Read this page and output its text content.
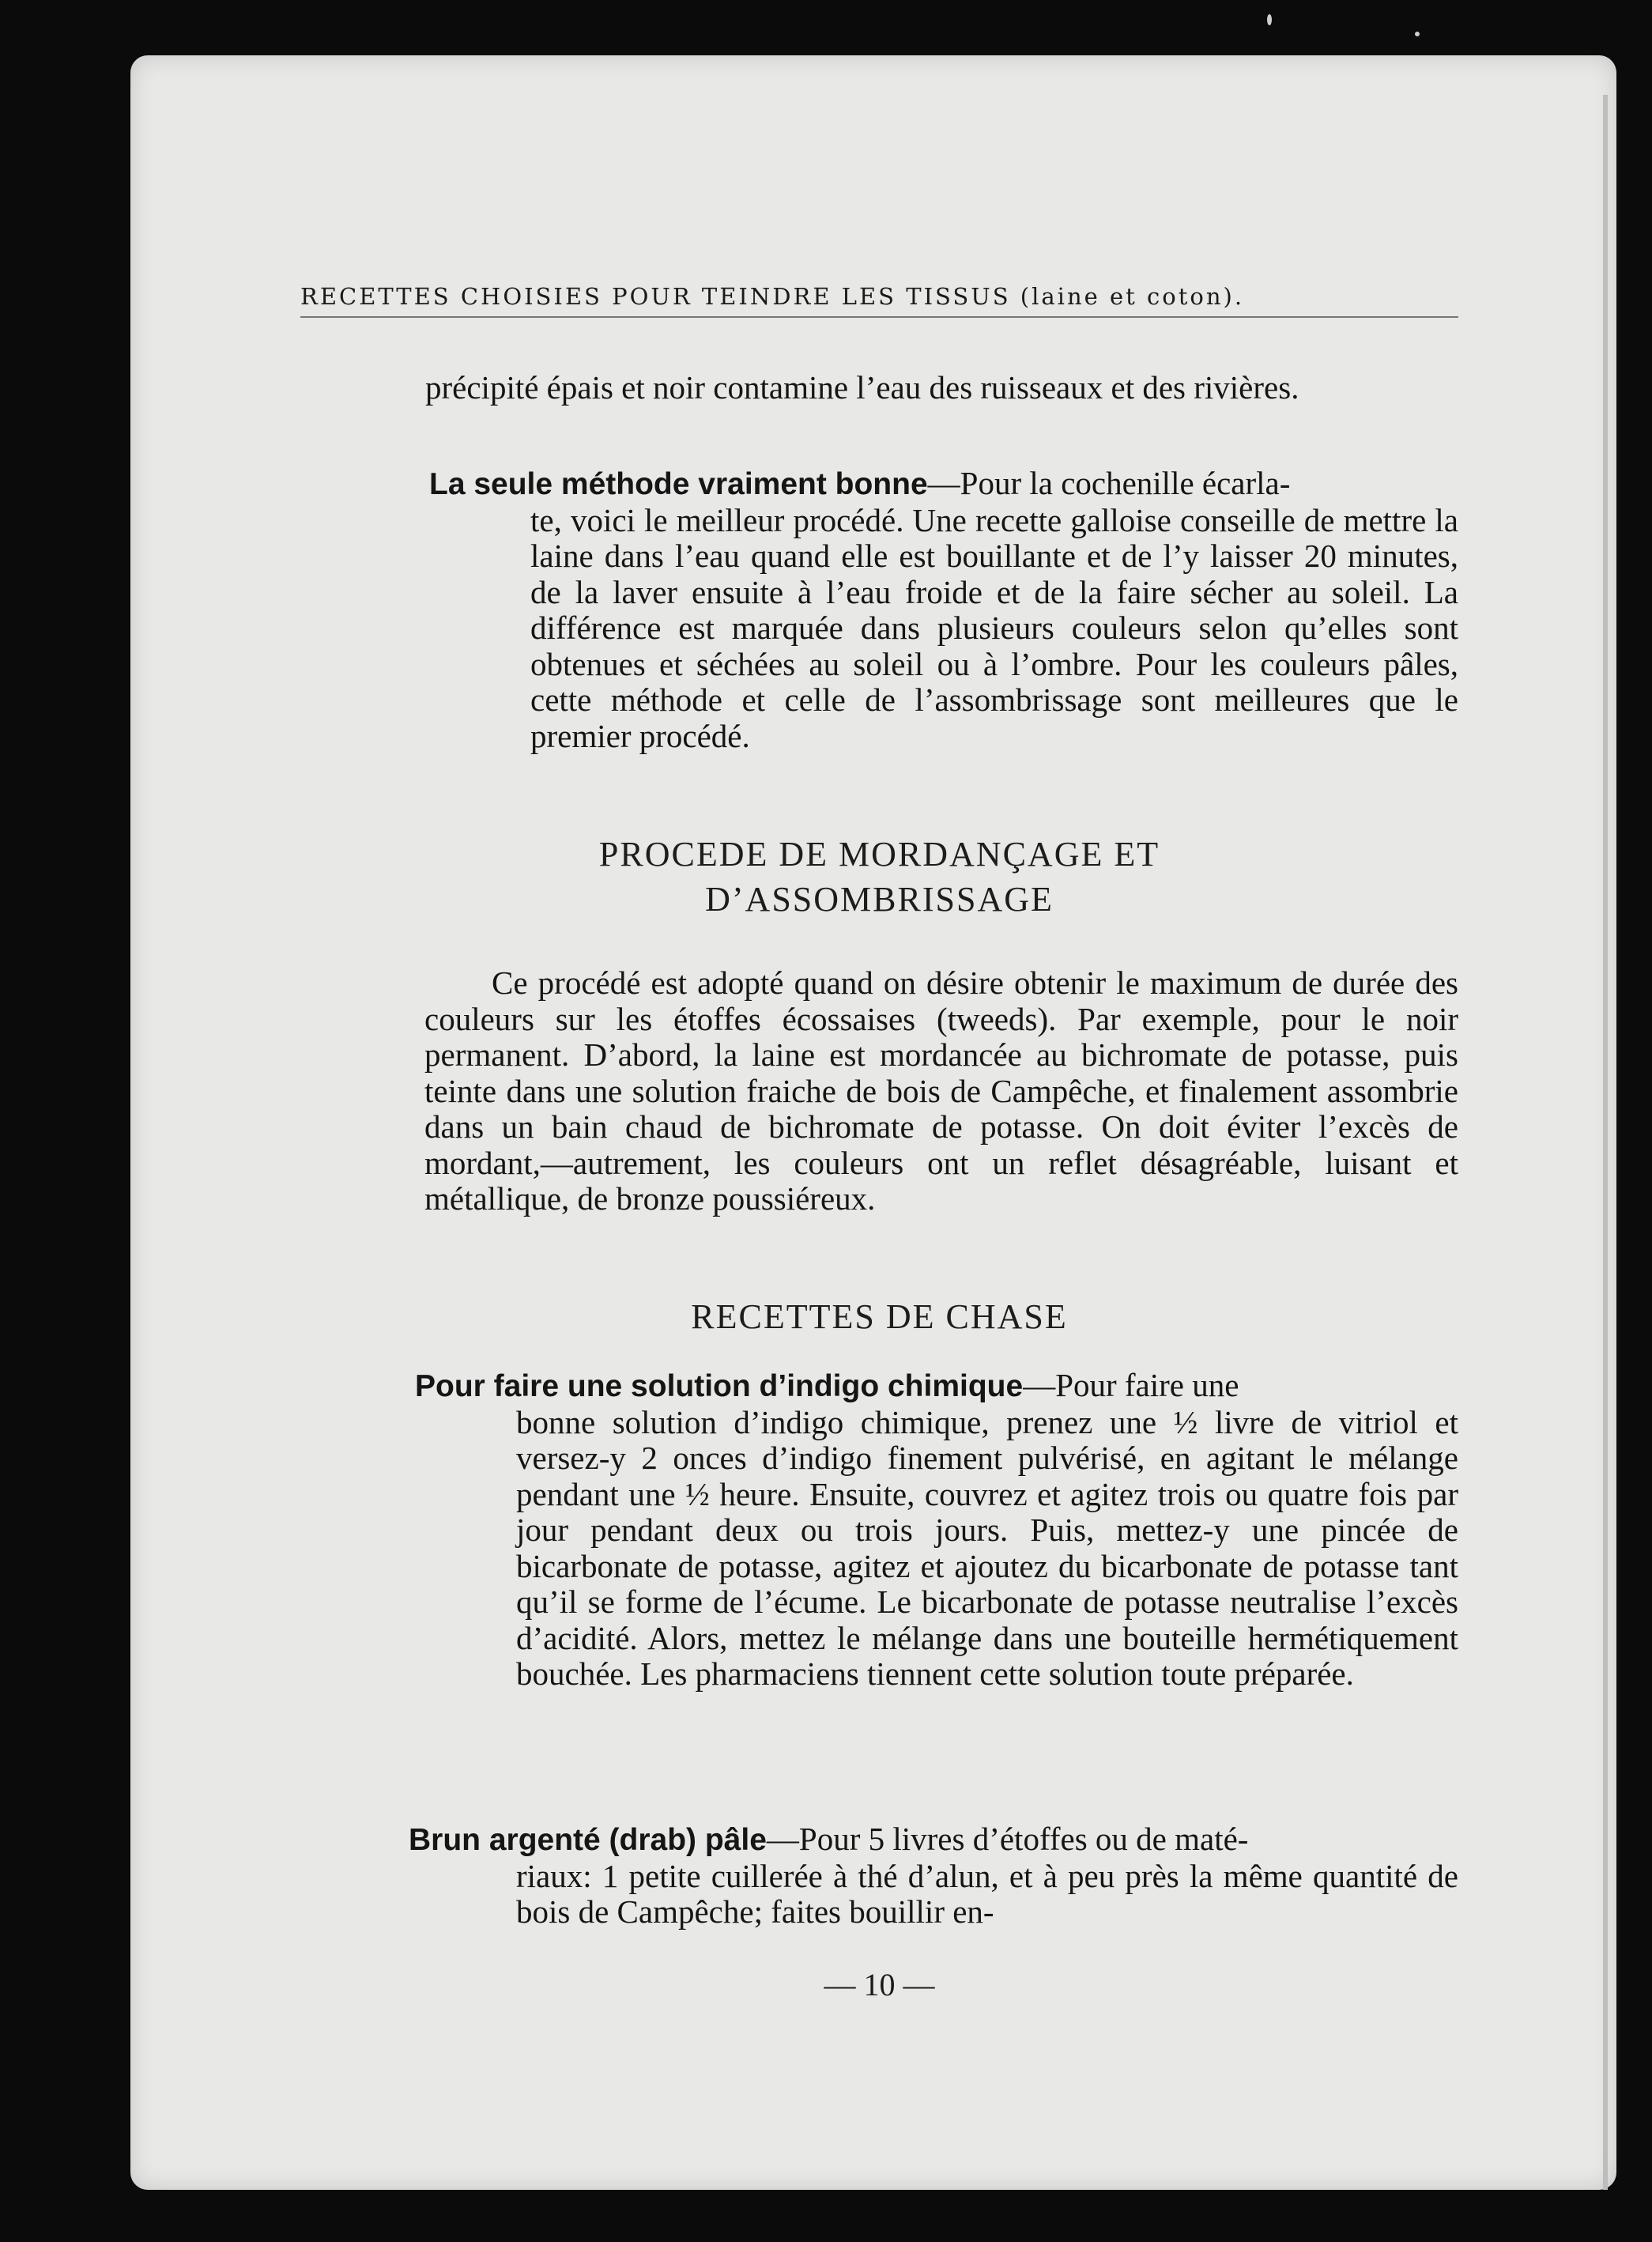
RECETTES CHOISIES POUR TEINDRE LES TISSUS (laine et coton).
précipité épais et noir contamine l’eau des ruisseaux et des rivières.
La seule méthode vraiment bonne—Pour la cochenille écarla-
te, voici le meilleur procédé. Une recette galloise conseille de mettre la laine dans l’eau quand elle est bouillante et de l’y laisser 20 minutes, de la laver ensuite à l’eau froide et de la faire sécher au soleil. La différence est marquée dans plusieurs couleurs selon qu’elles sont obtenues et séchées au soleil ou à l’ombre. Pour les couleurs pâles, cette méthode et celle de l’assombrissage sont meilleures que le premier procédé.
PROCEDE DE MORDANÇAGE ET
D’ASSOMBRISSAGE
Ce procédé est adopté quand on désire obtenir le maximum de durée des couleurs sur les étoffes écossaises (tweeds). Par exemple, pour le noir permanent. D’abord, la laine est mordancée au bichromate de potasse, puis teinte dans une solution fraiche de bois de Campêche, et finalement assombrie dans un bain chaud de bichromate de potasse. On doit éviter l’excès de mordant,—autrement, les couleurs ont un reflet désagréable, luisant et métallique, de bronze poussiéreux.
RECETTES DE CHASE
Pour faire une solution d’indigo chimique—Pour faire une
bonne solution d’indigo chimique, prenez une ½ livre de vitriol et versez-y 2 onces d’indigo finement pulvérisé, en agitant le mélange pendant une ½ heure. Ensuite, couvrez et agitez trois ou quatre fois par jour pendant deux ou trois jours. Puis, mettez-y une pincée de bicarbonate de potasse, agitez et ajoutez du bicarbonate de potasse tant qu’il se forme de l’écume. Le bicarbonate de potasse neutralise l’excès d’acidité. Alors, mettez le mélange dans une bouteille hermétiquement bouchée. Les pharmaciens tiennent cette solution toute préparée.
Brun argenté (drab) pâle—Pour 5 livres d’étoffes ou de maté-
riaux: 1 petite cuillerée à thé d’alun, et à peu près la même quantité de bois de Campêche; faites bouillir en-
— 10 —
